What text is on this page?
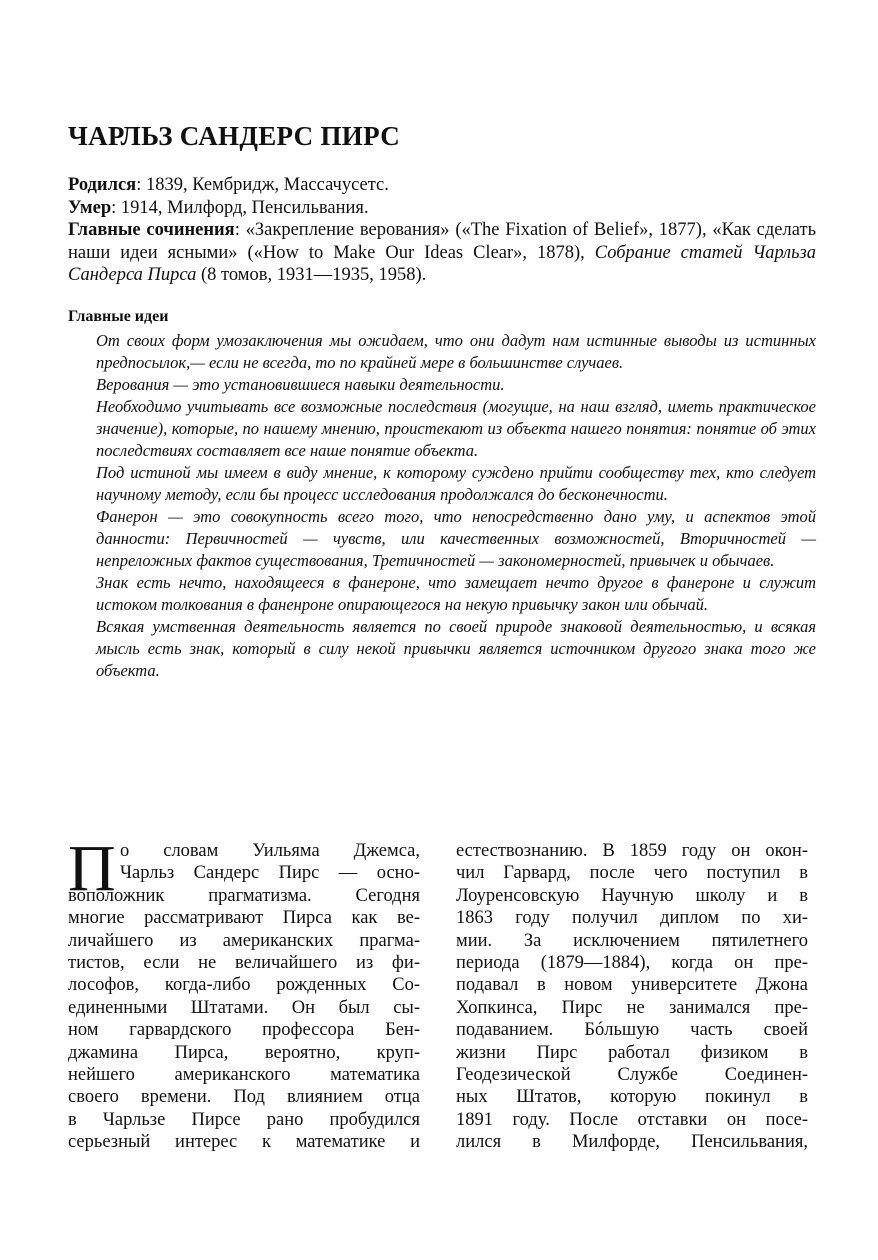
ЧАРЛЬЗ САНДЕРС ПИРС

Родился: 1839, Кембридж, Массачусетс.

Умер: 1914, Милфорд, Пенсильвания.

Главные сочинения: «Закрепление верования» («The Fixation of Belief», 1877), «Как сделать наши идеи ясными» («How to Make Our Ideas Clear», 1878), Собрание статей Чарльза Сандерса Пирса (8 томов, 1931—1935, 1958).

Главные идеи

От своих форм умозаключения мы ожидаем, что они дадут нам истинные выводы из истинных предпосылок,— если не всегда, то по крайней мере в большинстве случаев.

Верования — это установившиеся навыки деятельности.

Необходимо учитывать все возможные последствия (могущие, на наш взгляд, иметь практическое значение), которые, по нашему мнению, проистекают из объекта нашего понятия: понятие об этих последствиях составляет все наше понятие объекта.

Под истиной мы имеем в виду мнение, к которому суждено прийти сообществу тех, кто следует научному методу, если бы процесс исследования продолжался до бесконечности.

Фанерон — это совокупность всего того, что непосредственно дано уму, и аспектов этой данности: Первичностей — чувств, или качественных возможностей, Вторичностей — непреложных фактов существования, Третичностей — закономерностей, привычек и обычаев.

Знак есть нечто, находящееся в фанероне, что замещает нечто другое в фанероне и служит истоком толкования в фаненроне опирающегося на некую привычку закон или обычай.

Всякая умственная деятельность является по своей природе знаковой деятельностью, и всякая мысль есть знак, который в силу некой привычки является источником другого знака того же объекта.

П о словам Уильяма Джемса,
Чарльз Сандерс Пирс — осно-
воположник прагматизма. Сегодня
многие рассматривают Пирса как ве-
личайшего из американских прагма-
тистов, если не величайшего из фи-
лософов, когда-либо рожденных Со-
единенными Штатами. Он был сы-
ном гарвардского профессора Бен-
джамина Пирса, вероятно, круп-
нейшего американского математика
своего времени. Под влиянием отца
в Чарльзе Пирсе рано пробудился
серьезный интерес к математике и
естествознанию. В 1859 году он окон-
чил Гарвард, после чего поступил в
Лоуренсовскую Научную школу и в
1863 году получил диплом по хи-
мии. За исключением пятилетнего
периода (1879—1884), когда он пре-
подавал в новом университете Джона
Хопкинса, Пирс не занимался пре-
подаванием. Бóльшую часть своей
жизни Пирс работал физиком в
Геодезической Службе Соединен-
ных Штатов, которую покинул в
1891 году. После отставки он посе-
лился в Милфорде, Пенсильвания,
